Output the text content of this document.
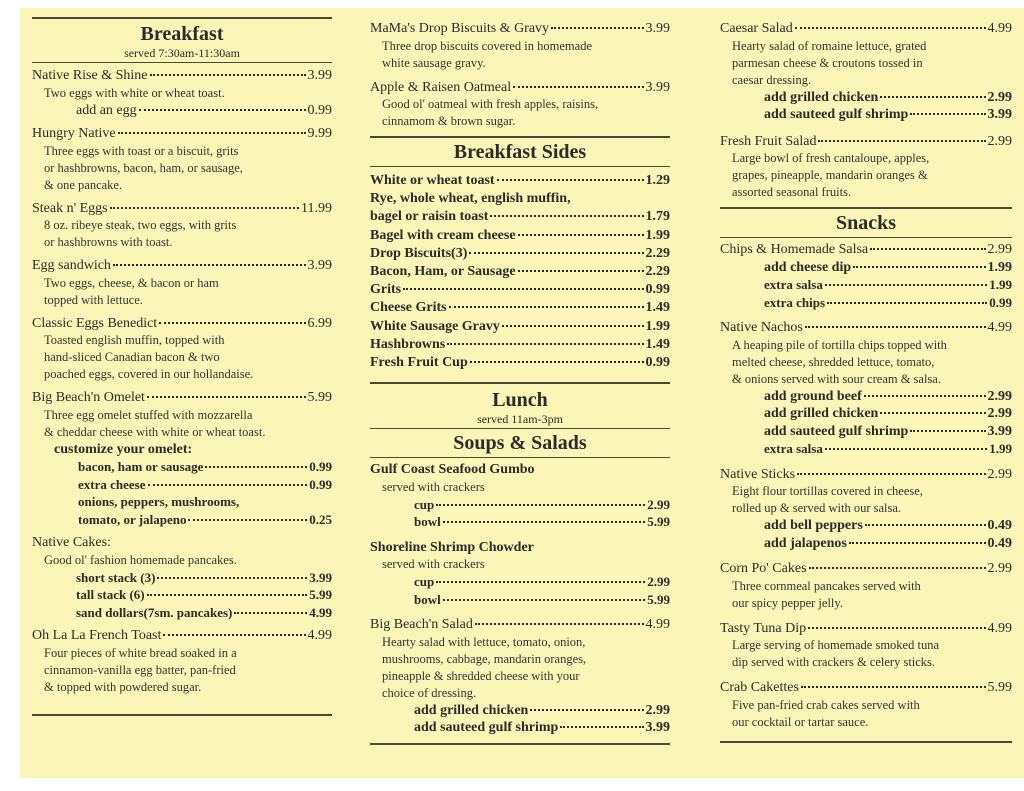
Breakfast
served 7:30am-11:30am
Native Rise & Shine	3.99
Two eggs with white or wheat toast.
add an egg	0.99
Hungry Native	9.99
Three eggs with toast or a biscuit, grits
or hashbrowns, bacon, ham, or sausage,
& one pancake.
Steak n' Eggs	11.99
8 oz. ribeye steak, two eggs, with grits
or hashbrowns with toast.
Egg sandwich	3.99
Two eggs, cheese, & bacon or ham
topped with lettuce.
Classic Eggs Benedict	6.99
Toasted english muffin, topped with
hand-sliced Canadian bacon & two
poached eggs, covered in our hollandaise.
Big Beach'n Omelet	5.99
Three egg omelet stuffed with mozzarella
& cheddar cheese with white or wheat toast.
customize your omelet:
bacon, ham or sausage	0.99
extra cheese	0.99
onions, peppers, mushrooms,
tomato, or jalapeno	0.25
Native Cakes:
Good ol' fashion homemade pancakes.
short stack (3)	3.99
tall stack (6)	5.99
sand dollars(7sm. pancakes)	4.99
Oh La La French Toast	4.99
Four pieces of white bread soaked in a
cinnamon-vanilla egg batter, pan-fried
& topped with powdered sugar.
MaMa's Drop Biscuits & Gravy	3.99
Three drop biscuits covered in homemade
white sausage gravy.
Apple & Raisen Oatmeal	3.99
Good ol' oatmeal with fresh apples, raisins,
cinnamom & brown sugar.
Breakfast Sides
White or wheat toast	1.29
Rye, whole wheat, english muffin,
bagel or raisin toast	1.79
Bagel with cream cheese	1.99
Drop Biscuits(3)	2.29
Bacon, Ham, or Sausage	2.29
Grits	0.99
Cheese Grits	1.49
White Sausage Gravy	1.99
Hashbrowns	1.49
Fresh Fruit Cup	0.99
Lunch
served 11am-3pm
Soups & Salads
Gulf Coast Seafood Gumbo
served with crackers
cup	2.99
bowl	5.99
Shoreline Shrimp Chowder
served with crackers
cup	2.99
bowl	5.99
Big Beach'n Salad	4.99
Hearty salad with lettuce, tomato, onion,
mushrooms, cabbage, mandarin oranges,
pineapple & shredded cheese with your
choice of dressing.
add grilled chicken	2.99
add sauteed gulf shrimp	3.99
Caesar Salad	4.99
Hearty salad of romaine lettuce, grated
parmesan cheese & croutons tossed in
caesar dressing.
add grilled chicken	2.99
add sauteed gulf shrimp	3.99
Fresh Fruit Salad	2.99
Large bowl of fresh cantaloupe, apples,
grapes, pineapple, mandarin oranges &
assorted seasonal fruits.
Snacks
Chips & Homemade Salsa	2.99
add cheese dip	1.99
extra salsa	1.99
extra chips	0.99
Native Nachos	4.99
A heaping pile of tortilla chips topped with
melted cheese, shredded lettuce, tomato,
& onions served with sour cream & salsa.
add ground beef	2.99
add grilled chicken	2.99
add sauteed gulf shrimp	3.99
extra salsa	1.99
Native Sticks	2.99
Eight flour tortillas covered in cheese,
rolled up & served with our salsa.
add bell peppers	0.49
add jalapenos	0.49
Corn Po' Cakes	2.99
Three cornmeal pancakes served with
our spicy pepper jelly.
Tasty Tuna Dip	4.99
Large serving of homemade smoked tuna
dip served with crackers & celery sticks.
Crab Cakettes	5.99
Five pan-fried crab cakes served with
our cocktail or tartar sauce.
